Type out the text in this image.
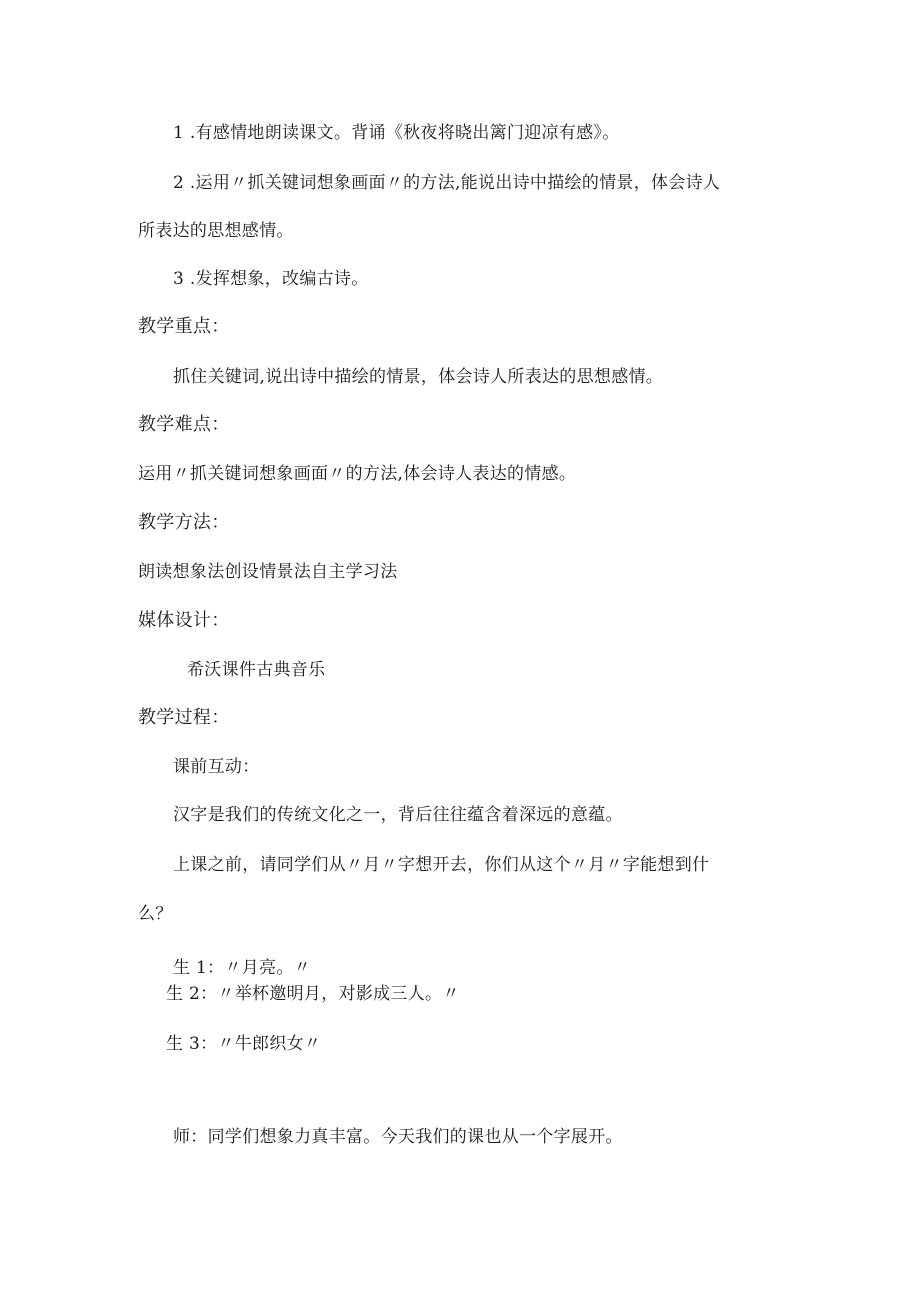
1 .有感情地朗读课文。背诵《秋夜将晓出篱门迎凉有感》。
2 .运用〃抓关键词想象画面〃的方法,能说出诗中描绘的情景，体会诗人
所表达的思想感情。
3 .发挥想象，改编古诗。
教学重点：
抓住关键词,说出诗中描绘的情景，体会诗人所表达的思想感情。
教学难点：
运用〃抓关键词想象画面〃的方法,体会诗人表达的情感。
教学方法：
朗读想象法创设情景法自主学习法
媒体设计：
希沃课件古典音乐
教学过程：
课前互动：
汉字是我们的传统文化之一，背后往往蕴含着深远的意蕴。
上课之前，请同学们从〃月〃字想开去，你们从这个〃月〃字能想到什
么？
生 1：〃月亮。〃
生 2：〃举杯邀明月，对影成三人。〃
生 3：〃牛郎织女〃
师：同学们想象力真丰富。今天我们的课也从一个字展开。
